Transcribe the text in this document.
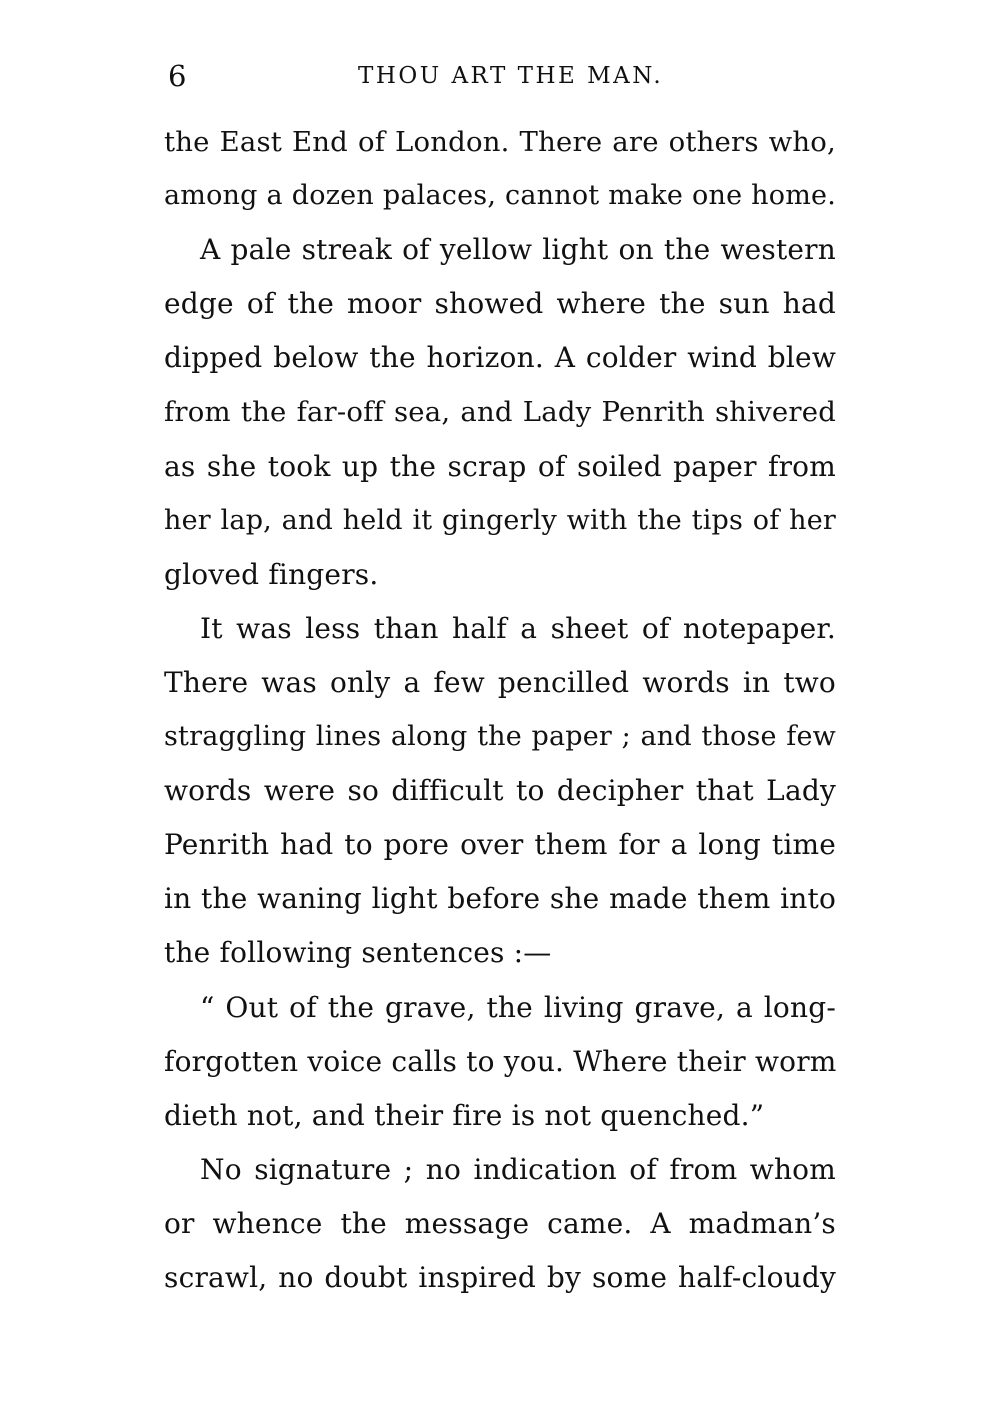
6	THOU ART THE MAN.
the East End of London. There are others who,
among a dozen palaces, cannot make one home.
A pale streak of yellow light on the western
edge of the moor showed where the sun had
dipped below the horizon. A colder wind blew
from the far-off sea, and Lady Penrith shivered
as she took up the scrap of soiled paper from
her lap, and held it gingerly with the tips of her
gloved fingers.
It was less than half a sheet of notepaper.
There was only a few pencilled words in two
straggling lines along the paper ; and those few
words were so difficult to decipher that Lady
Penrith had to pore over them for a long time
in the waning light before she made them into
the following sentences :—
“ Out of the grave, the living grave, a long-
forgotten voice calls to you. Where their worm
dieth not, and their fire is not quenched.”
No signature ; no indication of from whom
or whence the message came. A madman’s
scrawl, no doubt inspired by some half-cloudy
